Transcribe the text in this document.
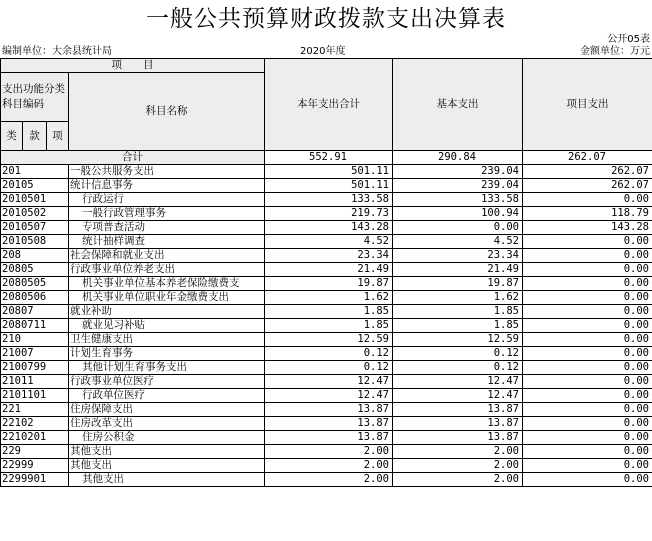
一般公共预算财政拨款支出决算表
公开05表
编制单位：大余县统计局	2020年度	金额单位：万元
项　　目				本年支出合计	基本支出	项目支出	
支出功能分类科目编码			科目名称				
类	款	项					

合计				552.91	290.84	262.07	
201			一般公共服务支出	501.11	239.04	262.07	
20105			统计信息事务	501.11	239.04	262.07	
2010501			行政运行	133.58	133.58	0.00	
2010502			一般行政管理事务	219.73	100.94	118.79	
2010507			专项普查活动	143.28	0.00	143.28	
2010508			统计抽样调查	4.52	4.52	0.00	
208			社会保障和就业支出	23.34	23.34	0.00	
20805			行政事业单位养老支出	21.49	21.49	0.00	
2080505			机关事业单位基本养老保险缴费支	19.87	19.87	0.00	
2080506			机关事业单位职业年金缴费支出	1.62	1.62	0.00	
20807			就业补助	1.85	1.85	0.00	
2080711			就业见习补贴	1.85	1.85	0.00	
210			卫生健康支出	12.59	12.59	0.00	
21007			计划生育事务	0.12	0.12	0.00	
2100799			其他计划生育事务支出	0.12	0.12	0.00	
21011			行政事业单位医疗	12.47	12.47	0.00	
2101101			行政单位医疗	12.47	12.47	0.00	
221			住房保障支出	13.87	13.87	0.00	
22102			住房改革支出	13.87	13.87	0.00	
2210201			住房公积金	13.87	13.87	0.00	
229			其他支出	2.00	2.00	0.00	
22999			其他支出	2.00	2.00	0.00	
2299901			其他支出	2.00	2.00	0.00	
